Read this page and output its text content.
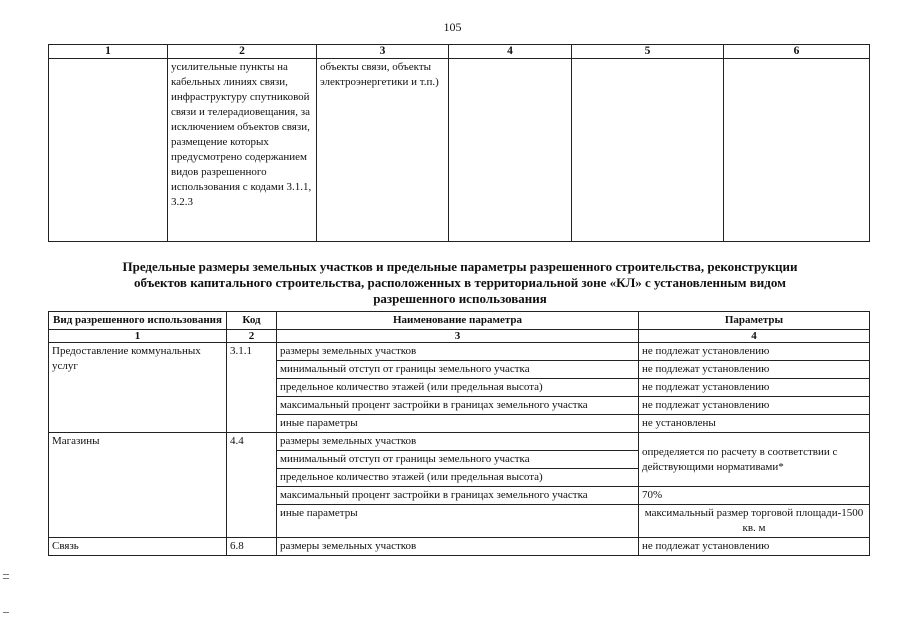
105
1	2	3	4	5	6
	усилительные пункты на кабельных линиях связи, инфраструктуру спутниковой связи и телерадиовещания, за исключением объектов связи, размещение которых предусмотрено содержанием видов разрешенного использования с кодами 3.1.1, 3.2.3	объекты связи, объекты электроэнергетики и т.п.)			
Предельные размеры земельных участков и предельные параметры разрешенного строительства, реконструкции объектов капитального строительства, расположенных в территориальной зоне «КЛ» с установленным видом разрешенного использования
Вид разрешенного использования	Код	Наименование параметра	Параметры
1	2	3	4
Предоставление коммунальных услуг	3.1.1	размеры земельных участков	не подлежат установлению
		минимальный отступ от границы земельного участка	не подлежат установлению
		предельное количество этажей (или предельная высота)	не подлежат установлению
		максимальный процент застройки в границах земельного участка	не подлежат установлению
		иные параметры	не установлены
Магазины	4.4	размеры земельных участков	определяется по расчету в соответствии с действующими нормативами*
		минимальный отступ от границы земельного участка	
		предельное количество этажей (или предельная высота)	
		максимальный процент застройки в границах земельного участка	70%
		иные параметры	максимальный размер торговой площади-1500 кв. м
Связь	6.8	размеры земельных участков	не подлежат установлению
